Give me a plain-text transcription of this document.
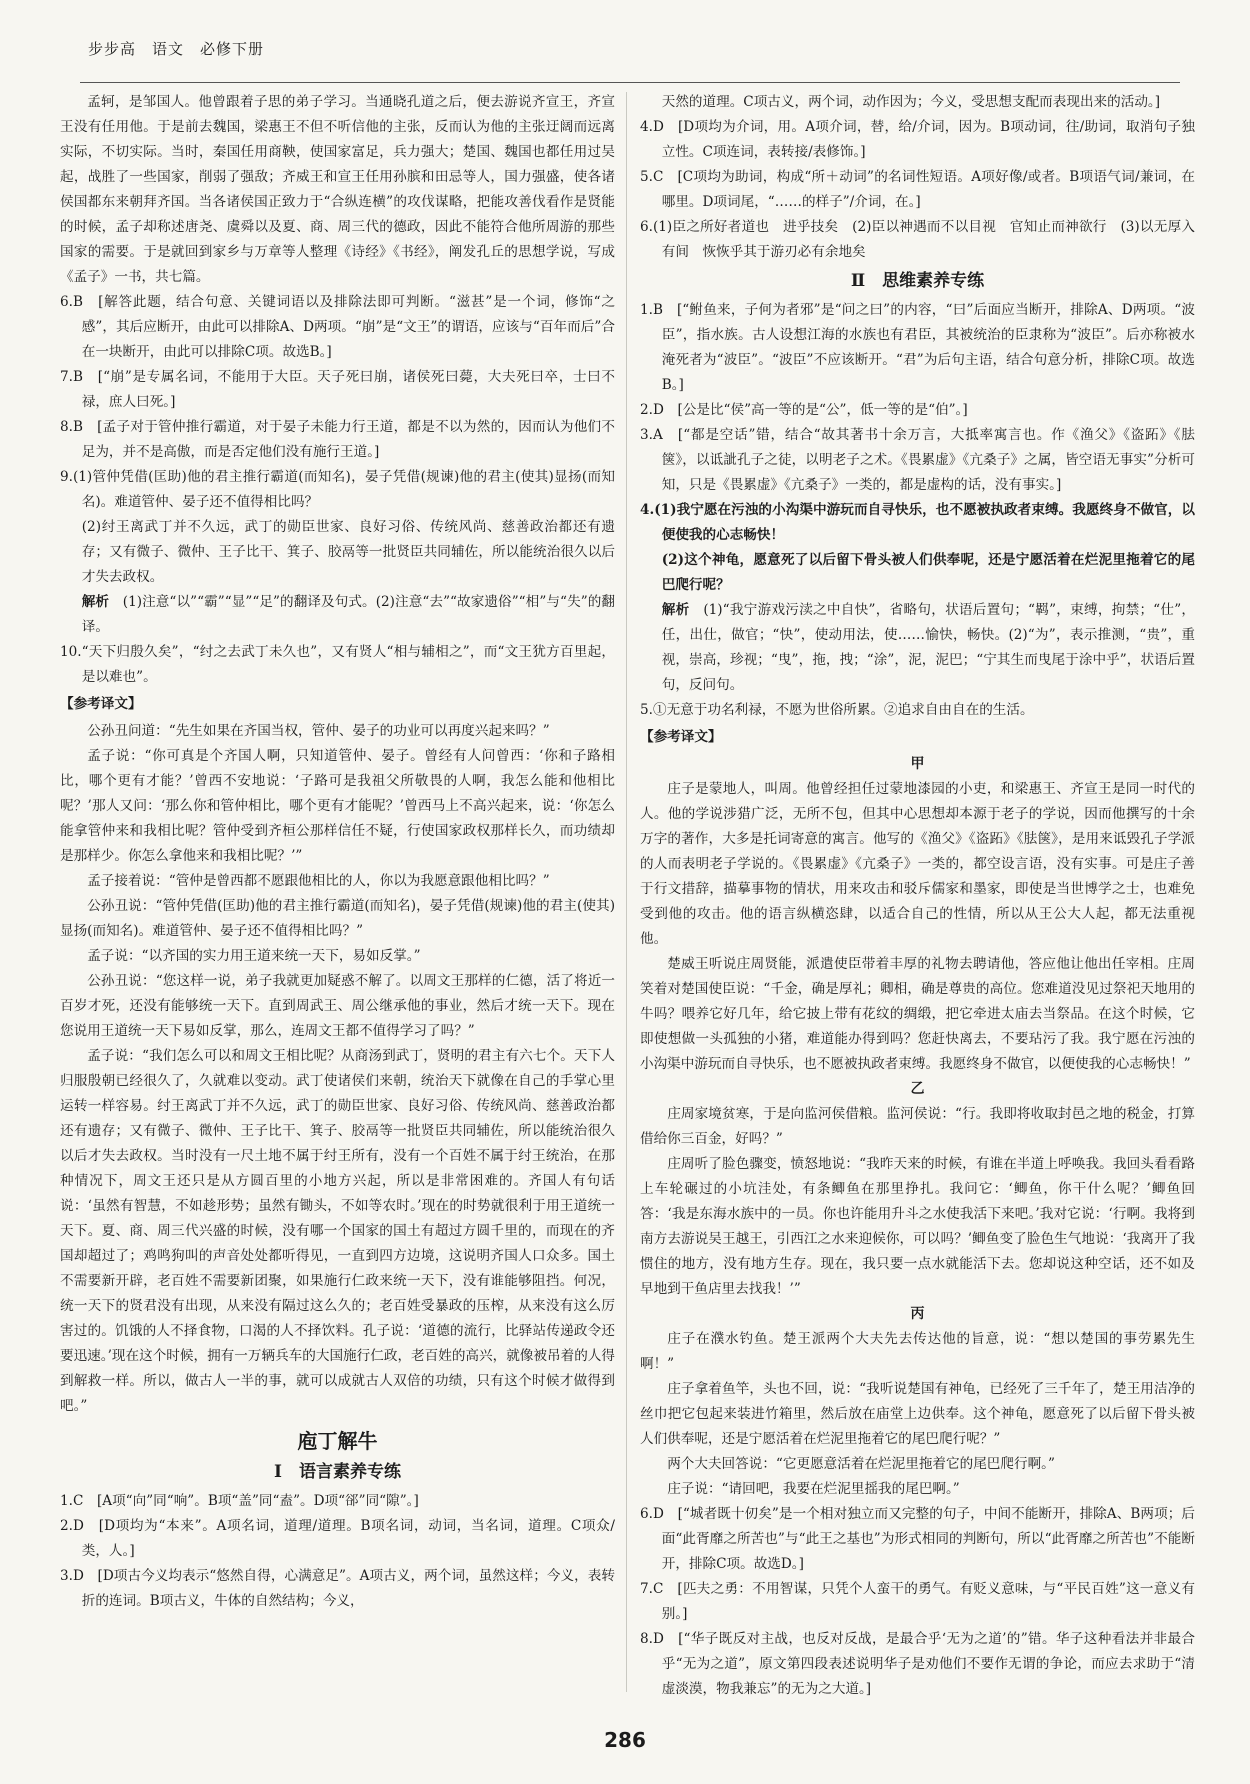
步步高　语文　必修下册

孟轲，是邹国人。他曾跟着子思的弟子学习。当通晓孔道之后，便去游说齐宣王，齐宣王没有任用他。于是前去魏国，梁惠王不但不听信他的主张，反而认为他的主张迂阔而远离实际，不切实际。当时，秦国任用商鞅，使国家富足，兵力强大；楚国、魏国也都任用过吴起，战胜了一些国家，削弱了强敌；齐威王和宣王任用孙膑和田忌等人，国力强盛，使各诸侯国都东来朝拜齐国。当各诸侯国正致力于“合纵连横”的攻伐谋略，把能攻善伐看作是贤能的时候，孟子却称述唐尧、虞舜以及夏、商、周三代的德政，因此不能符合他所周游的那些国家的需要。于是就回到家乡与万章等人整理《诗经》《书经》，阐发孔丘的思想学说，写成《孟子》一书，共七篇。

6.B　[解答此题，结合句意、关键词语以及排除法即可判断。“滋甚”是一个词，修饰“之感”，其后应断开，由此可以排除A、D两项。“崩”是“文王”的谓语，应该与“百年而后”合在一块断开，由此可以排除C项。故选B。]

7.B　[“崩”是专属名词，不能用于大臣。天子死曰崩，诸侯死曰薨，大夫死曰卒，士曰不禄，庶人曰死。]

8.B　[孟子对于管仲推行霸道，对于晏子未能力行王道，都是不以为然的，因而认为他们不足为，并不是高傲，而是否定他们没有施行王道。]

9.(1)管仲凭借(匡助)他的君主推行霸道(而知名)，晏子凭借(规谏)他的君主(使其)显扬(而知名)。难道管仲、晏子还不值得相比吗？

(2)纣王离武丁并不久远，武丁的勋臣世家、良好习俗、传统风尚、慈善政治都还有遗存；又有微子、微仲、王子比干、箕子、胶鬲等一批贤臣共同辅佐，所以能统治很久以后才失去政权。

解析　 (1)注意“以”“霸”“显”“足”的翻译及句式。(2)注意“去”“故家遗俗”“相”与“失”的翻译。

10.“天下归殷久矣”，“纣之去武丁未久也”，又有贤人“相与辅相之”，而“文王犹方百里起，是以难也”。

【参考译文】

公孙丑问道：“先生如果在齐国当权，管仲、晏子的功业可以再度兴起来吗？”

孟子说：“你可真是个齐国人啊，只知道管仲、晏子。曾经有人问曾西：‘你和子路相比，哪个更有才能？’曾西不安地说：‘子路可是我祖父所敬畏的人啊，我怎么能和他相比呢？’那人又问：‘那么你和管仲相比，哪个更有才能呢？’曾西马上不高兴起来，说：‘你怎么能拿管仲来和我相比呢？管仲受到齐桓公那样信任不疑，行使国家政权那样长久，而功绩却是那样少。你怎么拿他来和我相比呢？’”

孟子接着说：“管仲是曾西都不愿跟他相比的人，你以为我愿意跟他相比吗？”

公孙丑说：“管仲凭借(匡助)他的君主推行霸道(而知名)，晏子凭借(规谏)他的君主(使其)显扬(而知名)。难道管仲、晏子还不值得相比吗？”

孟子说：“以齐国的实力用王道来统一天下，易如反掌。”

公孙丑说：“您这样一说，弟子我就更加疑惑不解了。以周文王那样的仁德，活了将近一百岁才死，还没有能够统一天下。直到周武王、周公继承他的事业，然后才统一天下。现在您说用王道统一天下易如反掌，那么，连周文王都不值得学习了吗？”

孟子说：“我们怎么可以和周文王相比呢？从商汤到武丁，贤明的君主有六七个。天下人归服殷朝已经很久了，久就难以变动。武丁使诸侯们来朝，统治天下就像在自己的手掌心里运转一样容易。纣王离武丁并不久远，武丁的勋臣世家、良好习俗、传统风尚、慈善政治都还有遗存；又有微子、微仲、王子比干、箕子、胶鬲等一批贤臣共同辅佐，所以能统治很久以后才失去政权。当时没有一尺土地不属于纣王所有，没有一个百姓不属于纣王统治，在那种情况下，周文王还只是从方圆百里的小地方兴起，所以是非常困难的。齐国人有句话说：‘虽然有智慧，不如趁形势；虽然有锄头，不如等农时。’现在的时势就很利于用王道统一天下。夏、商、周三代兴盛的时候，没有哪一个国家的国土有超过方圆千里的，而现在的齐国却超过了；鸡鸣狗叫的声音处处都听得见，一直到四方边境，这说明齐国人口众多。国土不需要新开辟，老百姓不需要新团聚，如果施行仁政来统一天下，没有谁能够阻挡。何况，统一天下的贤君没有出现，从来没有隔过这么久的；老百姓受暴政的压榨，从来没有这么厉害过的。饥饿的人不择食物，口渴的人不择饮料。孔子说：‘道德的流行，比驿站传递政令还要迅速。’现在这个时候，拥有一万辆兵车的大国施行仁政，老百姓的高兴，就像被吊着的人得到解救一样。所以，做古人一半的事，就可以成就古人双倍的功绩，只有这个时候才做得到吧。”

庖丁解牛

Ⅰ　语言素养专练

1.C　[A项“向”同“响”。B项“盖”同“盍”。D项“郤”同“隙”。]

2.D　[D项均为“本来”。A项名词，道理/道理。B项名词，动词，当名词，道理。C项众/类，人。]

3.D　[D项古今义均表示“悠然自得，心满意足”。A项古义，两个词，虽然这样；今义，表转折的连词。B项古义，牛体的自然结构；今义，

天然的道理。C项古义，两个词，动作因为；今义，受思想支配而表现出来的活动。]

4.D　[D项均为介词，用。A项介词，替，给/介词，因为。B项动词，往/助词，取消句子独立性。C项连词，表转接/表修饰。]

5.C　[C项均为助词，构成“所＋动词”的名词性短语。A项好像/或者。B项语气词/兼词，在哪里。D项词尾，“……的样子”/介词，在。]

6.(1)臣之所好者道也　进乎技矣　(2)臣以神遇而不以目视　官知止而神欲行　(3)以无厚入有间　恢恢乎其于游刃必有余地矣

Ⅱ　思维素养专练

1.B　[“鲋鱼来，子何为者邪”是“问之曰”的内容，“曰”后面应当断开，排除A、D两项。“波臣”，指水族。古人设想江海的水族也有君臣，其被统治的臣隶称为“波臣”。后亦称被水淹死者为“波臣”。“波臣”不应该断开。“君”为后句主语，结合句意分析，排除C项。故选B。]

2.D　[公是比“侯”高一等的是“公”，低一等的是“伯”。]

3.A　[“都是空话”错，结合“故其著书十余万言，大抵率寓言也。作《渔父》《盗跖》《胠箧》，以诋訿孔子之徒，以明老子之术。《畏累虚》《亢桑子》之属，皆空语无事实”分析可知，只是《畏累虚》《亢桑子》一类的，都是虚构的话，没有事实。]

4.(1)我宁愿在污浊的小沟渠中游玩而自寻快乐，也不愿被执政者束缚。我愿终身不做官，以便使我的心志畅快！

(2)这个神龟，愿意死了以后留下骨头被人们供奉呢，还是宁愿活着在烂泥里拖着它的尾巴爬行呢？

解析　 (1)“我宁游戏污渎之中自快”，省略句，状语后置句；“羁”，束缚，拘禁；“仕”，任，出仕，做官；“快”，使动用法，使……愉快，畅快。(2)“为”，表示推测，“贵”，重视，崇高，珍视；“曳”，拖，拽；“涂”，泥，泥巴；“宁其生而曳尾于涂中乎”，状语后置句，反问句。

5.①无意于功名利禄，不愿为世俗所累。②追求自由自在的生活。

【参考译文】

甲

庄子是蒙地人，叫周。他曾经担任过蒙地漆园的小吏，和梁惠王、齐宣王是同一时代的人。他的学说涉猎广泛，无所不包，但其中心思想却本源于老子的学说，因而他撰写的十余万字的著作，大多是托词寄意的寓言。他写的《渔父》《盗跖》《胠箧》，是用来诋毁孔子学派的人而表明老子学说的。《畏累虚》《亢桑子》一类的，都空设言语，没有实事。可是庄子善于行文措辞，描摹事物的情状，用来攻击和驳斥儒家和墨家，即使是当世博学之士，也难免受到他的攻击。他的语言纵横恣肆，以适合自己的性情，所以从王公大人起，都无法重视他。

楚威王听说庄周贤能，派遣使臣带着丰厚的礼物去聘请他，答应他让他出任宰相。庄周笑着对楚国使臣说：“千金，确是厚礼；卿相，确是尊贵的高位。您难道没见过祭祀天地用的牛吗？喂养它好几年，给它披上带有花纹的绸缎，把它牵进太庙去当祭品。在这个时候，它即使想做一头孤独的小猪，难道能办得到吗？您赶快离去，不要玷污了我。我宁愿在污浊的小沟渠中游玩而自寻快乐，也不愿被执政者束缚。我愿终身不做官，以便使我的心志畅快！”

乙

庄周家境贫寒，于是向监河侯借粮。监河侯说：“行。我即将收取封邑之地的税金，打算借给你三百金，好吗？”

庄周听了脸色骤变，愤怒地说：“我昨天来的时候，有谁在半道上呼唤我。我回头看看路上车轮碾过的小坑洼处，有条鲫鱼在那里挣扎。我问它：‘鲫鱼，你干什么呢？’鲫鱼回答：‘我是东海水族中的一员。你也许能用升斗之水使我活下来吧。’我对它说：‘行啊。我将到南方去游说吴王越王，引西江之水来迎候你，可以吗？’鲫鱼变了脸色生气地说：‘我离开了我惯住的地方，没有地方生存。现在，我只要一点水就能活下去。您却说这种空话，还不如及早地到干鱼店里去找我！’”

丙

庄子在濮水钓鱼。楚王派两个大夫先去传达他的旨意，说：“想以楚国的事劳累先生啊！”

庄子拿着鱼竿，头也不回，说：“我听说楚国有神龟，已经死了三千年了，楚王用洁净的丝巾把它包起来装进竹箱里，然后放在庙堂上边供奉。这个神龟，愿意死了以后留下骨头被人们供奉呢，还是宁愿活着在烂泥里拖着它的尾巴爬行呢？”

两个大夫回答说：“它更愿意活着在烂泥里拖着它的尾巴爬行啊。”

庄子说：“请回吧，我要在烂泥里摇我的尾巴啊。”

6.D　[“城者既十仞矣”是一个相对独立而又完整的句子，中间不能断开，排除A、B两项；后面“此胥靡之所苦也”与“此王之基也”为形式相同的判断句，所以“此胥靡之所苦也”不能断开，排除C项。故选D。]

7.C　[匹夫之勇：不用智谋，只凭个人蛮干的勇气。有贬义意味，与“平民百姓”这一意义有别。]

8.D　[“华子既反对主战，也反对反战，是最合乎‘无为之道’的”错。华子这种看法并非最合乎“无为之道”，原文第四段表述说明华子是劝他们不要作无谓的争论，而应去求助于“清虚淡漠，物我兼忘”的无为之大道。]

286
